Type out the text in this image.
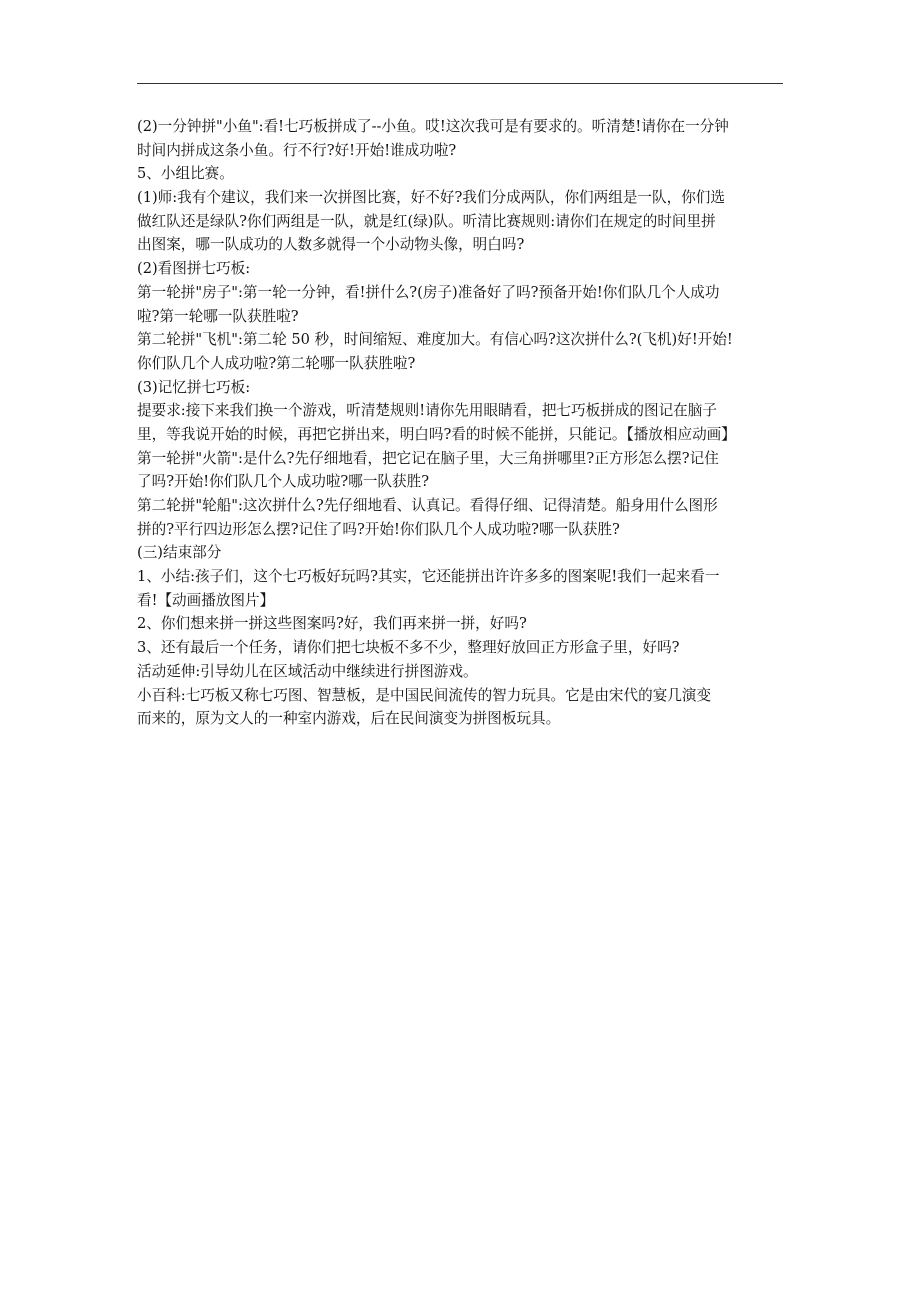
(2)一分钟拼"小鱼":看!七巧板拼成了--小鱼。哎!这次我可是有要求的。听清楚!请你在一分钟
时间内拼成这条小鱼。行不行?好!开始!谁成功啦?
5、小组比赛。
(1)师:我有个建议，我们来一次拼图比赛，好不好?我们分成两队，你们两组是一队，你们选
做红队还是绿队?你们两组是一队，就是红(绿)队。听清比赛规则:请你们在规定的时间里拼
出图案，哪一队成功的人数多就得一个小动物头像，明白吗?
(2)看图拼七巧板:
第一轮拼"房子":第一轮一分钟，看!拼什么?(房子)准备好了吗?预备开始!你们队几个人成功
啦?第一轮哪一队获胜啦?
第二轮拼"飞机":第二轮 50 秒，时间缩短、难度加大。有信心吗?这次拼什么?(飞机)好!开始!
你们队几个人成功啦?第二轮哪一队获胜啦?
(3)记忆拼七巧板:
提要求:接下来我们换一个游戏，听清楚规则!请你先用眼睛看，把七巧板拼成的图记在脑子
里，等我说开始的时候，再把它拼出来，明白吗?看的时候不能拼，只能记。【播放相应动画】
第一轮拼"火箭":是什么?先仔细地看，把它记在脑子里，大三角拼哪里?正方形怎么摆?记住
了吗?开始!你们队几个人成功啦?哪一队获胜?
第二轮拼"轮船":这次拼什么?先仔细地看、认真记。看得仔细、记得清楚。船身用什么图形
拼的?平行四边形怎么摆?记住了吗?开始!你们队几个人成功啦?哪一队获胜?
(三)结束部分
1、小结:孩子们，这个七巧板好玩吗?其实，它还能拼出许许多多的图案呢!我们一起来看一
看!【动画播放图片】
2、你们想来拼一拼这些图案吗?好，我们再来拼一拼，好吗?
3、还有最后一个任务，请你们把七块板不多不少，整理好放回正方形盒子里，好吗?
活动延伸:引导幼儿在区域活动中继续进行拼图游戏。
小百科:七巧板又称七巧图、智慧板，是中国民间流传的智力玩具。它是由宋代的宴几演变
而来的，原为文人的一种室内游戏，后在民间演变为拼图板玩具。
